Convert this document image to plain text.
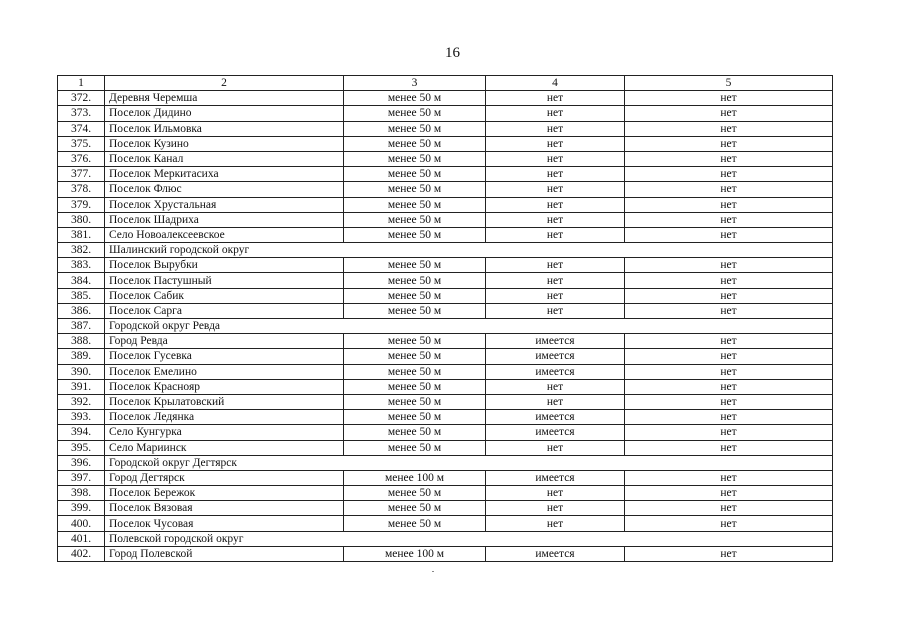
16
1	2	3	4	5
372.	Деревня Черемша	менее 50 м	нет	нет
373.	Поселок Дидино	менее 50 м	нет	нет
374.	Поселок Ильмовка	менее 50 м	нет	нет
375.	Поселок Кузино	менее 50 м	нет	нет
376.	Поселок Канал	менее 50 м	нет	нет
377.	Поселок Меркитасиха	менее 50 м	нет	нет
378.	Поселок Флюс	менее 50 м	нет	нет
379.	Поселок Хрустальная	менее 50 м	нет	нет
380.	Поселок Шадриха	менее 50 м	нет	нет
381.	Село Новоалексеевское	менее 50 м	нет	нет
382.	Шалинский городской округ			
383.	Поселок Вырубки	менее 50 м	нет	нет
384.	Поселок Пастушный	менее 50 м	нет	нет
385.	Поселок Сабик	менее 50 м	нет	нет
386.	Поселок Сарга	менее 50 м	нет	нет
387.	Городской округ Ревда			
388.	Город Ревда	менее 50 м	имеется	нет
389.	Поселок Гусевка	менее 50 м	имеется	нет
390.	Поселок Емелино	менее 50 м	имеется	нет
391.	Поселок Краснояр	менее 50 м	нет	нет
392.	Поселок Крылатовский	менее 50 м	нет	нет
393.	Поселок Ледянка	менее 50 м	имеется	нет
394.	Село Кунгурка	менее 50 м	имеется	нет
395.	Село Мариинск	менее 50 м	нет	нет
396.	Городской округ Дегтярск			
397.	Город Дегтярск	менее 100 м	имеется	нет
398.	Поселок Бережок	менее 50 м	нет	нет
399.	Поселок Вязовая	менее 50 м	нет	нет
400.	Поселок Чусовая	менее 50 м	нет	нет
401.	Полевской городской округ			
402.	Город Полевской	менее 100 м	имеется	нет
